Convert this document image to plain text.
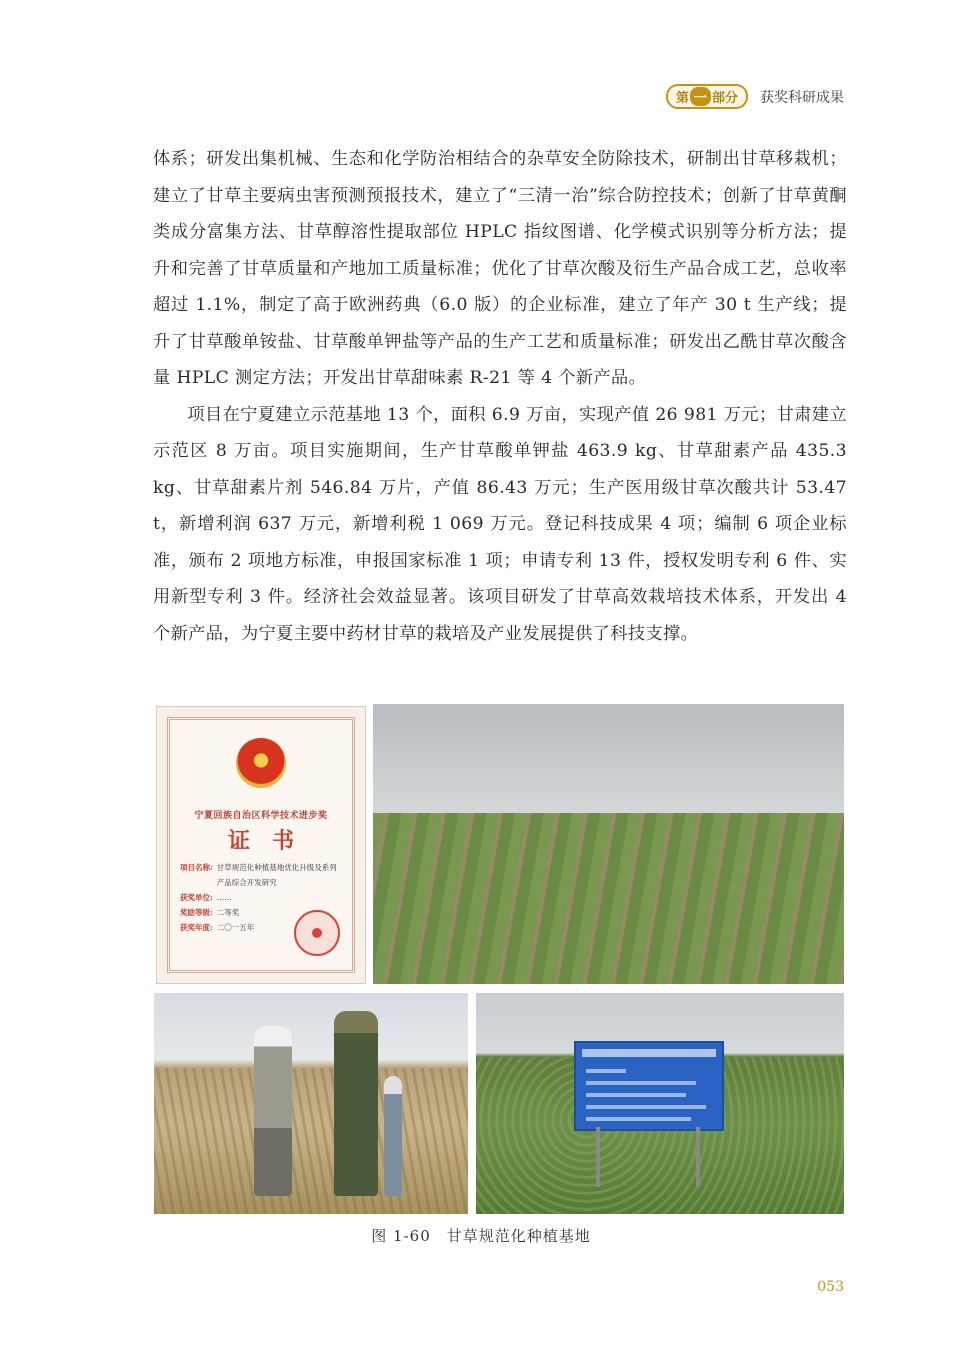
第 一 部分 获奖科研成果

体系；研发出集机械、生态和化学防治相结合的杂草安全防除技术，研制出甘草移栽机；建立了甘草主要病虫害预测预报技术，建立了“三清一治”综合防控技术；创新了甘草黄酮类成分富集方法、甘草醇溶性提取部位 HPLC 指纹图谱、化学模式识别等分析方法；提升和完善了甘草质量和产地加工质量标准；优化了甘草次酸及衍生产品合成工艺，总收率超过 1.1%，制定了高于欧洲药典（6.0 版）的企业标准，建立了年产 30 t 生产线；提升了甘草酸单铵盐、甘草酸单钾盐等产品的生产工艺和质量标准；研发出乙酰甘草次酸含量 HPLC 测定方法；开发出甘草甜味素 R-21 等 4 个新产品。

项目在宁夏建立示范基地 13 个，面积 6.9 万亩，实现产值 26 981 万元；甘肃建立示范区 8 万亩。项目实施期间，生产甘草酸单钾盐 463.9 kg、甘草甜素产品 435.3 kg、甘草甜素片剂 546.84 万片，产值 86.43 万元；生产医用级甘草次酸共计 53.47 t，新增利润 637 万元，新增利税 1 069 万元。登记科技成果 4 项；编制 6 项企业标准，颁布 2 项地方标准，申报国家标准 1 项；申请专利 13 件，授权发明专利 6 件、实用新型专利 3 件。经济社会效益显著。该项目研发了甘草高效栽培技术体系，开发出 4 个新产品，为宁夏主要中药材甘草的栽培及产业发展提供了科技支撑。

宁夏回族自治区科学技术进步奖
证书
项目名称: 甘草规范化种植基地优化升级及系列产品综合开发研究
获奖单位: ……
奖励等级: 二等奖
获奖年度: 二〇一五年
图 1-60　甘草规范化种植基地
053
